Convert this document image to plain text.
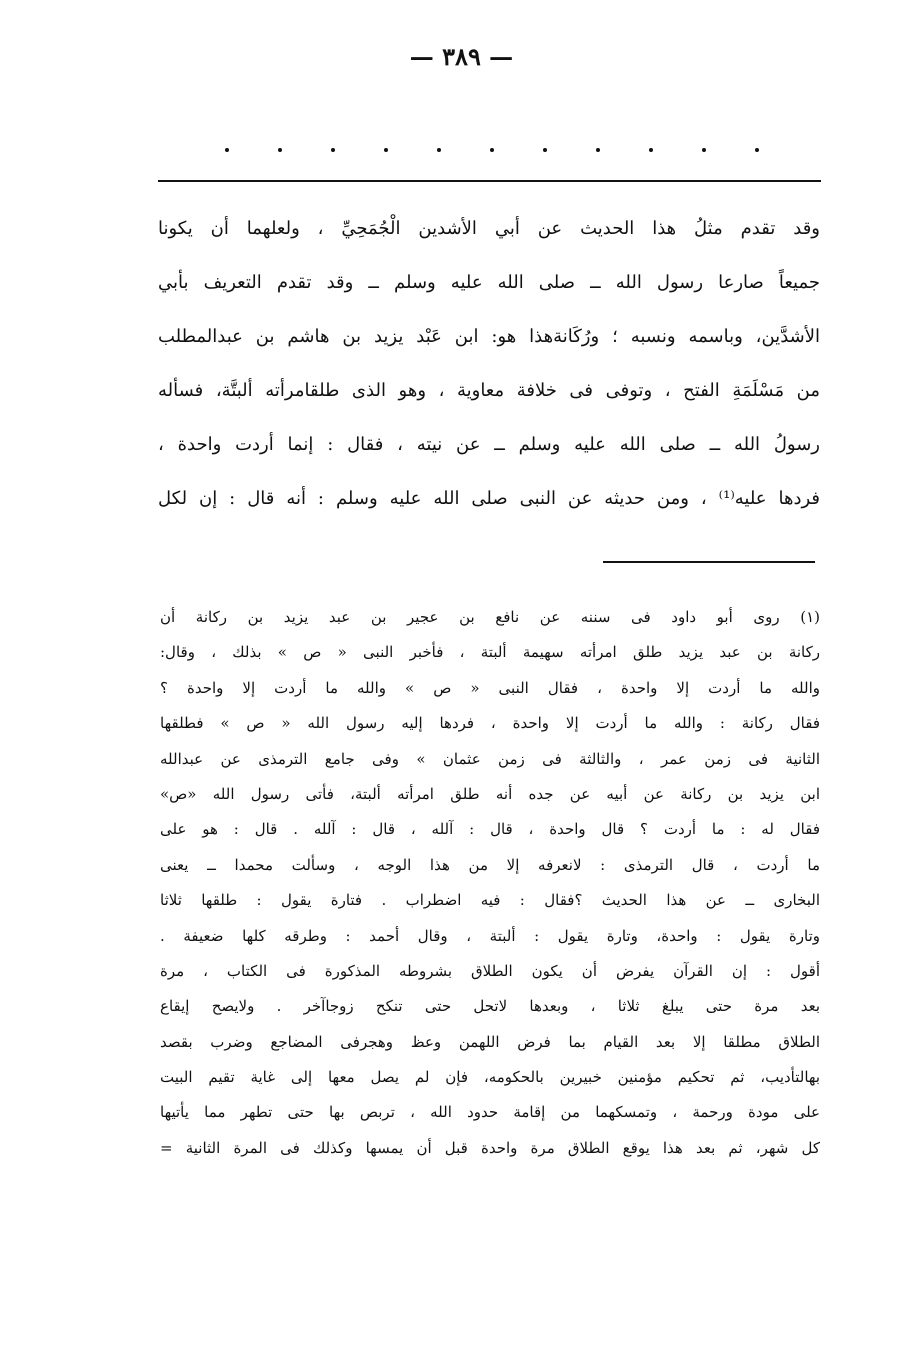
— ٣٨٩ —
وقد تقدم مثلُ هذا الحديث عن أبي الأشدين الْجُمَحِيِّ ، ولعلهما أن يكونا
جميعاً صارعا رسول الله ــ صلى الله عليه وسلم ــ وقد تقدم التعريف بأبي
الأشدَّين، وباسمه ونسبه ؛ ورُكَانةهذا هو: ابن عَبْد يزيد بن هاشم بن عبدالمطلب
من مَسْلَمَةِ الفتح ، وتوفى فى خلافة معاوية ، وهو الذى طلقامرأته ألبتَّة، فسأله
رسولُ الله ــ صلى الله عليه وسلم ــ عن نيته ، فقال : إنما أردت واحدة ،
فردها عليه⁽¹⁾ ، ومن حديثه عن النبى صلى الله عليه وسلم : أنه قال : إن لكل
(١) روى أبو داود فى سننه عن نافع بن عجير بن عبد يزيد بن ركانة أن
ركانة بن عبد يزيد طلق امرأته سهيمة ألبتة ، فأخبر النبى « ص » بذلك ، وقال:
والله ما أردت إلا واحدة ، فقال النبى « ص » والله ما أردت إلا واحدة ؟
فقال ركانة : والله ما أردت إلا واحدة ، فردها إليه رسول الله « ص » فطلقها
الثانية فى زمن عمر ، والثالثة فى زمن عثمان » وفى جامع الترمذى عن عبدالله
ابن يزيد بن ركانة عن أبيه عن جده أنه طلق امرأته ألبتة، فأتى رسول الله «ص»
فقال له : ما أردت ؟ قال واحدة ، قال : آلله ، قال : آلله . قال : هو على
ما أردت ، قال الترمذى : لانعرفه إلا من هذا الوجه ، وسألت محمدا ــ يعنى
البخارى ــ عن هذا الحديث ؟فقال : فيه اضطراب . فتارة يقول : طلقها ثلاثا
وتارة يقول : واحدة، وتارة يقول : ألبتة ، وقال أحمد : وطرقه كلها ضعيفة .
أقول : إن القرآن يفرض أن يكون الطلاق بشروطه المذكورة فى الكتاب ، مرة
بعد مرة حتى يبلغ ثلاثا ، وبعدها لاتحل حتى تنكح زوجاآخر . ولايصح إيقاع
الطلاق مطلقا إلا بعد القيام بما فرض اللهمن وعظ وهجرفى المضاجع وضرب بقصد
بهالتأديب، ثم تحكيم مؤمنين خبيرين بالحكومه، فإن لم يصل معها إلى غاية تقيم البيت
على مودة ورحمة ، وتمسكهما من إقامة حدود الله ، تربص بها حتى تطهر مما يأتيها
كل شهر، ثم بعد هذا يوقع الطلاق مرة واحدة قبل أن يمسها وكذلك فى المرة الثانية =
